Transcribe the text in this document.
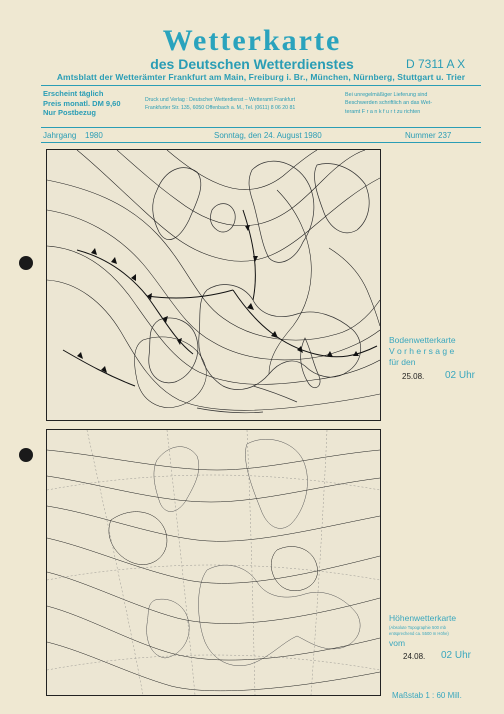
Wetterkarte
des Deutschen Wetterdienstes	D 7311 A X
Amtsblatt der Wetterämter Frankfurt am Main, Freiburg i. Br., München, Nürnberg, Stuttgart u. Trier
Erscheint täglich
Preis monatl. DM 9,60
Nur Postbezug
Druck und Verlag : Deutscher Wetterdienst – Wetteramt Frankfurt
Frankfurter Str. 135, 6050 Offenbach a. M., Tel. (0611) 8 06 20 81
Bei unregelmäßiger Lieferung sind
Beschwerden schriftlich an das Wet-
teramt F r a n k f u r t zu richten
Jahrgang 1980	Sonntag, den 24. August 1980	Nummer 237
Bodenwetterkarte
V o r h e r s a g e
für den
25.08. 02 Uhr
Höhenwetterkarte
(Absolute Topographie 500 mb
entsprechend ca. 5500 m Höhe)
vom
24.08. 02 Uhr
Maßstab 1 : 60 Mill.
